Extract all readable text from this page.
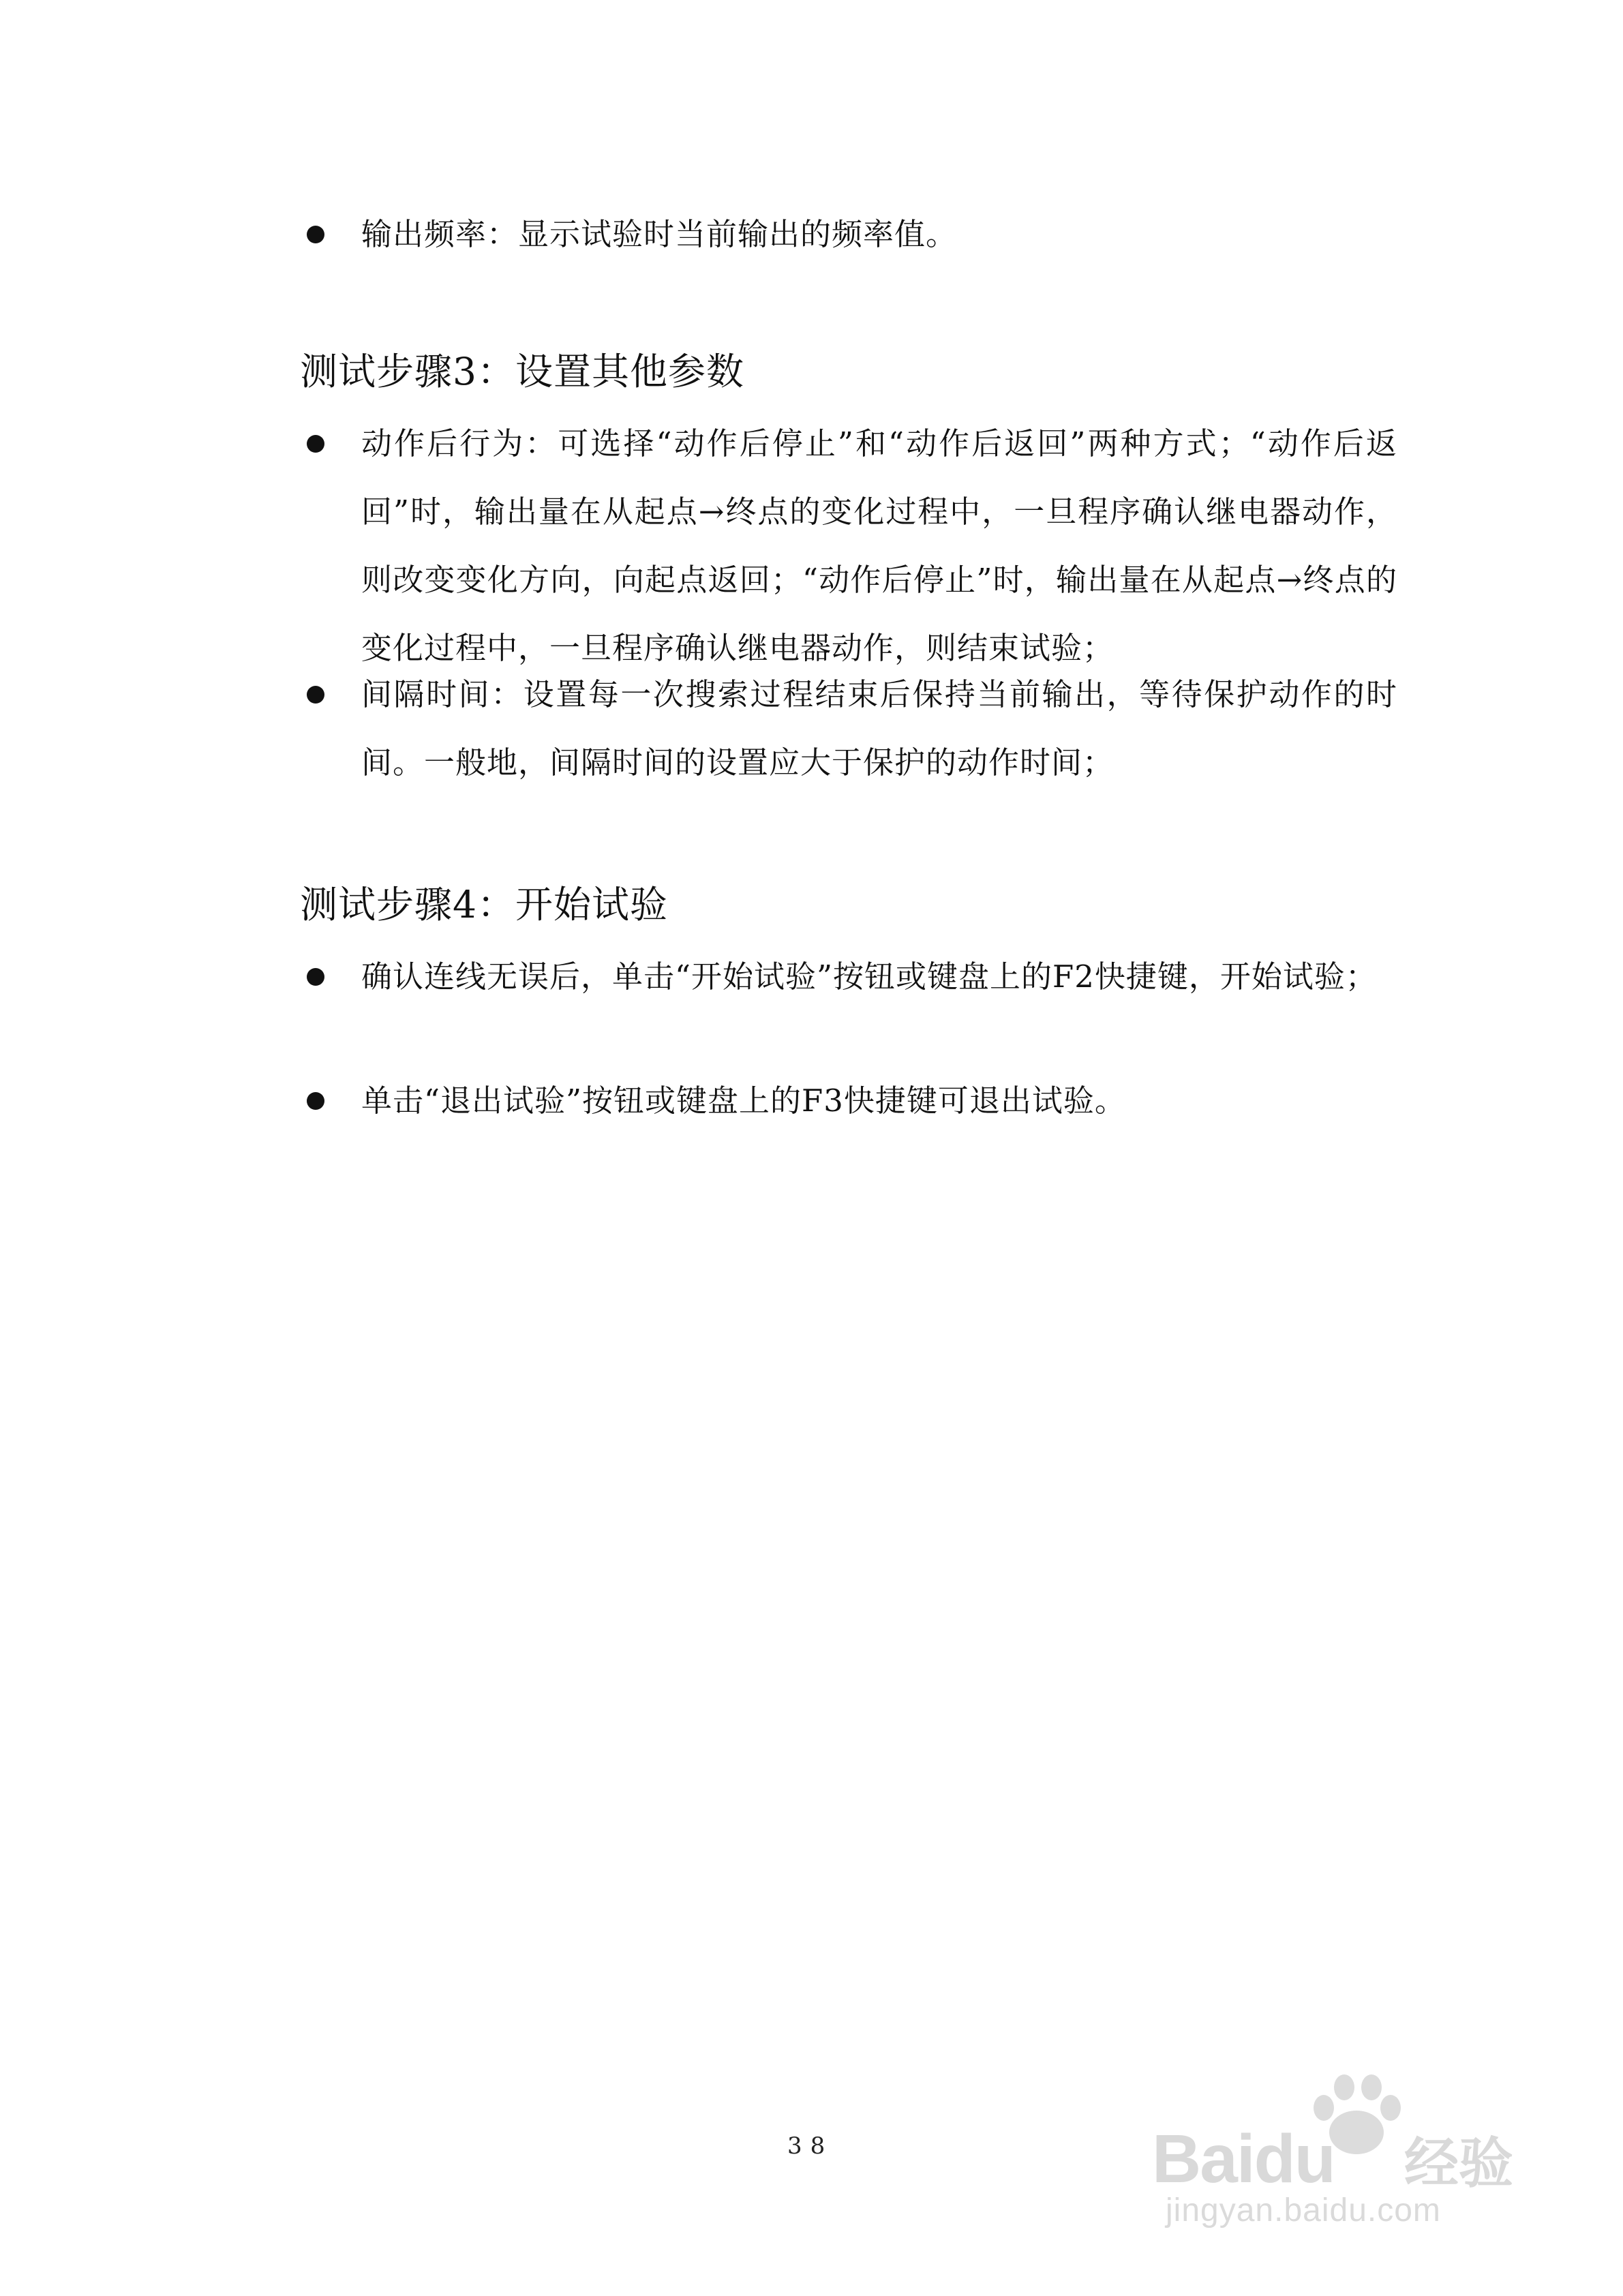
输出频率：显示试验时当前输出的频率值。
测试步骤3：设置其他参数
动作后行为：可选择“动作后停止”和“动作后返回”两种方式；“动作后返回”时，输出量在从起点→终点的变化过程中，一旦程序确认继电器动作，则改变变化方向，向起点返回；“动作后停止”时，输出量在从起点→终点的变化过程中，一旦程序确认继电器动作，则结束试验；
间隔时间：设置每一次搜索过程结束后保持当前输出，等待保护动作的时间。一般地，间隔时间的设置应大于保护的动作时间；
测试步骤4：开始试验
确认连线无误后，单击“开始试验”按钮或键盘上的F2快捷键，开始试验；
单击“退出试验”按钮或键盘上的F3快捷键可退出试验。
38	Baidu 经验
jingyan.baidu.com
